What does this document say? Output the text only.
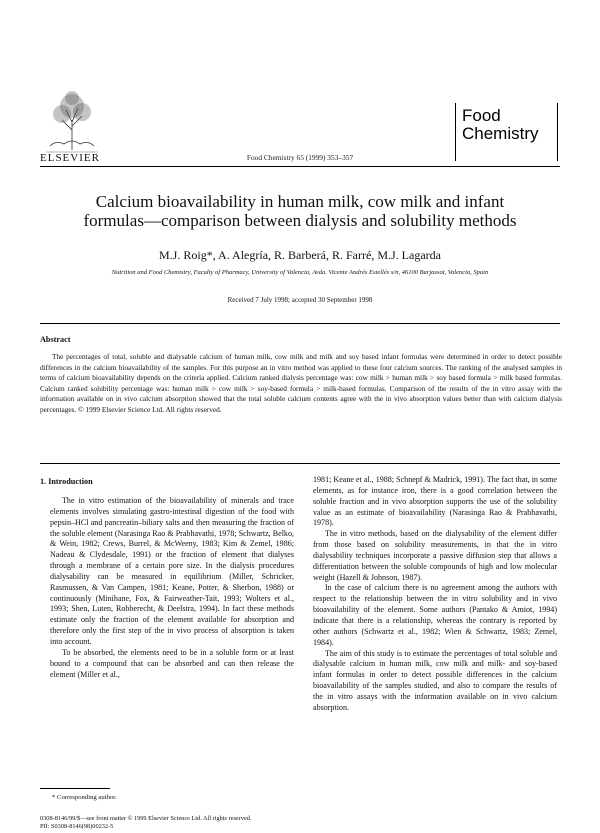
ELSEVIER	Food Chemistry 65 (1999) 353–357
Food
Chemistry
Calcium bioavailability in human milk, cow milk and infant
formulas—comparison between dialysis and solubility methods
M.J. Roig*, A. Alegría, R. Barberá, R. Farré, M.J. Lagarda
Nutrition and Food Chemistry, Faculty of Pharmacy, University of Valencia, Avda. Vicente Andrés Estellés s/n, 46100 Burjassot, Valencia, Spain
Received 7 July 1998; accepted 30 September 1998
Abstract
The percentages of total, soluble and dialysable calcium of human milk, cow milk and milk and soy based infant formulas were determined in order to detect possible differences in the calcium bioavailability of the samples. For this purpose an in vitro method was applied to these four calcium sources. The ranking of the analysed samples in terms of calcium bioavailability depends on the criteria applied. Calcium ranked dialysis percentage was: cow milk > human milk > soy based formula > milk based formulas. Calcium ranked solubility percentage was: human milk > cow milk > soy-based formula > milk-based formulas. Comparison of the results of the in vitro assay with the information available on in vivo calcium absorption showed that the total soluble calcium contents agree with the in vivo absorption values better than with calcium dialysis percentages. © 1999 Elsevier Science Ltd. All rights reserved.
1. Introduction

The in vitro estimation of the bioavailability of minerals and trace elements involves simulating gastro-intestinal digestion of the food with pepsin–HCl and pancreatin–biliary salts and then measuring the fraction of the soluble element (Narasinga Rao & Prabhavathi, 1978; Schwartz, Belko, & Wein, 1982; Crews, Burrel, & McWeeny, 1983; Kim & Zemel, 1986; Nadeau & Clydesdale, 1991) or the fraction of element that dialyses through a membrane of a certain pore size. In the dialysis procedures dialysability can be measured in equilibrium (Miller, Schricker, Rasmussen, & Van Campen, 1981; Keane, Potter, & Sherbon, 1988) or continuously (Minihane, Fox, & Fairweather-Tait, 1993; Wolters et al., 1993; Shen, Luten, Robberecht, & Deelstra, 1994). In fact these methods estimate only the fraction of the element available for absorption and therefore only the first step of the in vivo process of absorption is taken into account.

To be absorbed, the elements need to be in a soluble form or at least bound to a compound that can be absorbed and can then release the element (Miller et al.,

1981; Keane et al., 1988; Schnepf & Madrick, 1991). The fact that, in some elements, as for instance iron, there is a good correlation between the soluble fraction and in vivo absorption supports the use of the solubility value as an estimate of bioavailability (Narasinga Rao & Prabhavathi, 1978).

The in vitro methods, based on the dialysability of the element differ from those based on solubility measurements, in that the in vitro dialysability techniques incorporate a passive diffusion step that allows a differentiation between the soluble compounds of high and low molecular weight (Hazell & Johnson, 1987).

In the case of calcium there is no agreement among the authors with respect to the relationship between the in vitro solubility and in vivo bioavailability of the element. Some authors (Pantako & Amiot, 1994) indicate that there is a relationship, whereas the contrary is reported by other authors (Schwartz et al., 1982; Wien & Schwartz, 1983; Zemel, 1984).

The aim of this study is to estimate the percentages of total soluble and dialysable calcium in human milk, cow milk and milk- and soy-based infant formulas in order to detect possible differences in the calcium bioavailability of the samples studied, and also to compare the results of the in vitro assays with the information available on in vivo calcium absorption.

* Corresponding author.
0308-8146/99/$—see front matter © 1999 Elsevier Science Ltd. All rights reserved.
PII: S0308-8146(98)00232-5
